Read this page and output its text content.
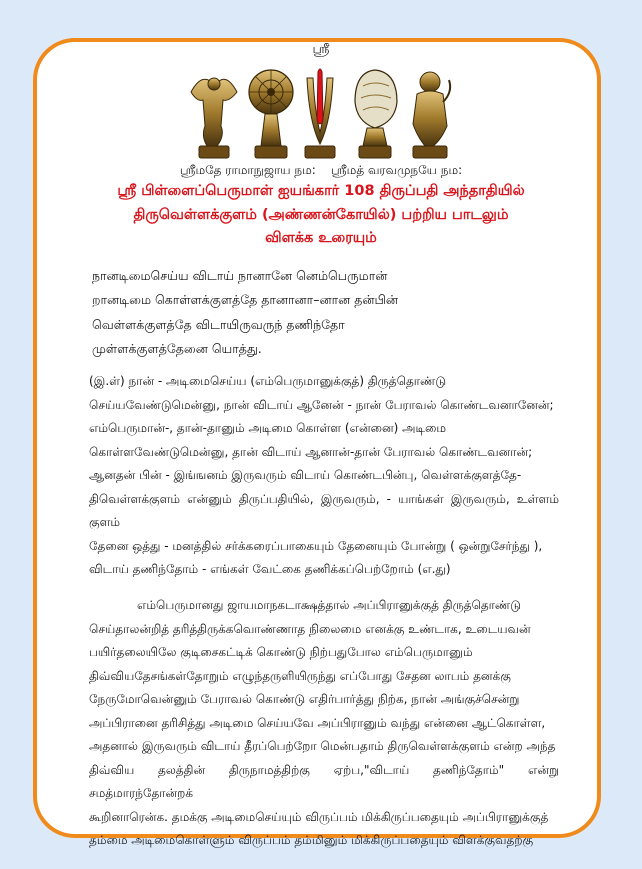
ஸ்ரீ
ஸ்ரீமதே ராமாநுஜாய நம:    ஸ்ரீமத் வரவமுநயே நம:
ஸ்ரீ பிள்ளைப்பெருமாள் ஐயங்கார் 108 திருப்பதி அந்தாதியில்
திருவெள்ளக்குளம் (அண்ணன்கோயில்) பற்றிய பாடலும்
விளக்க உரையும்
நானடிமைசெய்ய விடாய் நானானே னெம்பெருமான்
றானடிமை கொள்ளக்குளத்தே தானானா–னான தன்பின்
வெள்ளக்குளத்தே விடாயிருவருந் தணிந்தோ
முள்ளக்குளத்தேனை யொத்து.
(இ.ள்) நான் - அடிமைசெய்ய (எம்பெருமானுக்குத்) திருத்தொண்டு
செய்யவேண்டுமென்னு, நான் விடாய் ஆனேன் - நான் பேராவல் கொண்டவனானேன்;
எம்பெருமான்-, தான்-தானும் அடிமை கொள்ள (என்னை) அடிமை
கொள்ளவேண்டுமென்னு, தான் விடாய் ஆனான்-தான் பேராவல் கொண்டவனான்;
ஆனதன் பின் - இங்ஙனம் இருவரும் விடாய் கொண்டபின்பு, வெள்ளக்குளத்தே-
திவெள்ளக்குளம் என்னும் திருப்பதியில், இருவரும், - யாங்கள் இருவரும், உள்ளம் குளம்
தேனை ஒத்து - மனத்தில் சர்க்கரைப்பாகையும் தேனையும் போன்று ( ஒன்றுசேர்ந்து ),
விடாய் தணிந்தோம் - எங்கள் வேட்கை தணிக்கப்பெற்றோம் (எ.து)
எம்பெருமானது ஜாயமாநகடாக்ஷத்தால் அப்பிரானுக்குத் திருத்தொண்டு
செய்தாலன்றித் தரித்திருக்கவொண்ணாத நிலைமை எனக்கு உண்டாக, உடையவன்
பயிர்தலையிலே குடிசைகட்டிக் கொண்டு நிற்பதுபோல எம்பெருமானும்
திவ்வியதேசங்கள்தோறும் எழுந்தருளியிருந்து எப்போது சேதன லாபம் தனக்கு
நேருமோவென்னும் பேராவல் கொண்டு எதிர்பார்த்து நிற்க, நான் அங்குச்சென்று
அப்பிரானை தரிசித்து அடிமை செய்யவே அப்பிரானும் வந்து என்னை ஆட்கொள்ள,
அதனால் இருவரும் விடாய் தீரப்பெற்றோ மென்பதாம் திருவெள்ளக்குளம் என்ற அந்த
திவ்விய தலத்தின் திருநாமத்திற்கு ஏற்ப,"விடாய் தணிந்தோம்" என்று சமத்மாரந்தோன்றக்
கூறினாரென்க. தமக்கு அடிமைசெய்யும் விருப்பம் மிக்கிருப்பதையும் அப்பிரானுக்குத்
தம்மை அடிமைகொள்ளும் விருப்பம் தம்மினும் மிக்கிருப்பதையும் விளக்குவதற்கு
